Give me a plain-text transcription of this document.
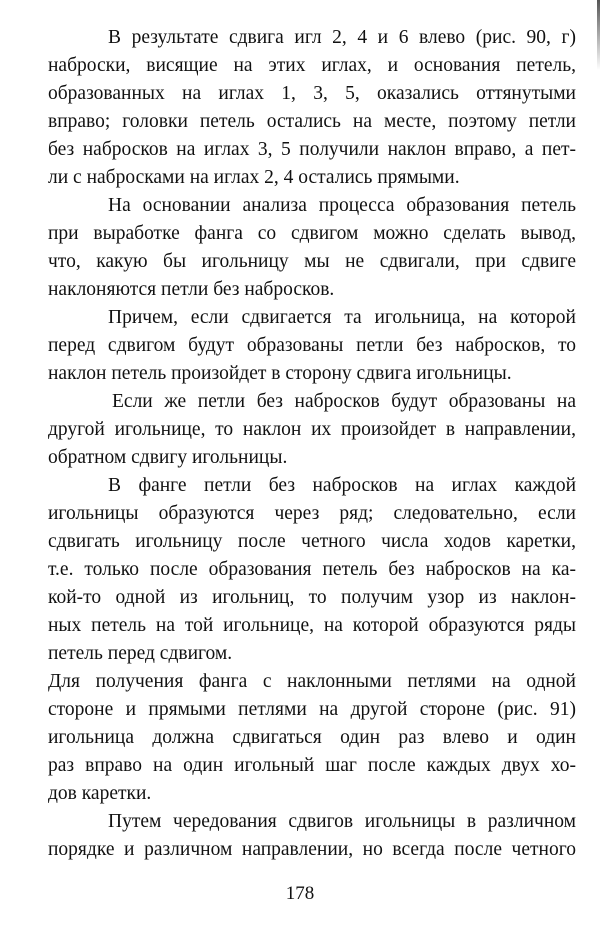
В результате сдвига игл 2, 4 и 6 влево (рис. 90, г)
наброски, висящие на этих иглах, и основания петель,
образованных на иглах 1, 3, 5, оказались оттянутыми
вправо; головки петель остались на месте, поэтому петли
без набросков на иглах 3, 5 получили наклон вправо, а пет-
ли с набросками на иглах 2, 4 остались прямыми.
На основании анализа процесса образования петель
при выработке фанга со сдвигом можно сделать вывод,
что, какую бы игольницу мы не сдвигали, при сдвиге
наклоняются петли без набросков.
Причем, если сдвигается та игольница, на которой
перед сдвигом будут образованы петли без набросков, то
наклон петель произойдет в сторону сдвига игольницы.
Если же петли без набросков будут образованы на
другой игольнице, то наклон их произойдет в направлении,
обратном сдвигу игольницы.
В фанге петли без набросков на иглах каждой
игольницы образуются через ряд; следовательно, если
сдвигать игольницу после четного числа ходов каретки,
т.е. только после образования петель без набросков на ка-
кой-то одной из игольниц, то получим узор из наклон-
ных петель на той игольнице, на которой образуются ряды
петель перед сдвигом.
Для получения фанга с наклонными петлями на одной
стороне и прямыми петлями на другой стороне (рис. 91)
игольница должна сдвигаться один раз влево и один
раз вправо на один игольный шаг после каждых двух хо-
дов каретки.
Путем чередования сдвигов игольницы в различном
порядке и различном направлении, но всегда после четного
178
